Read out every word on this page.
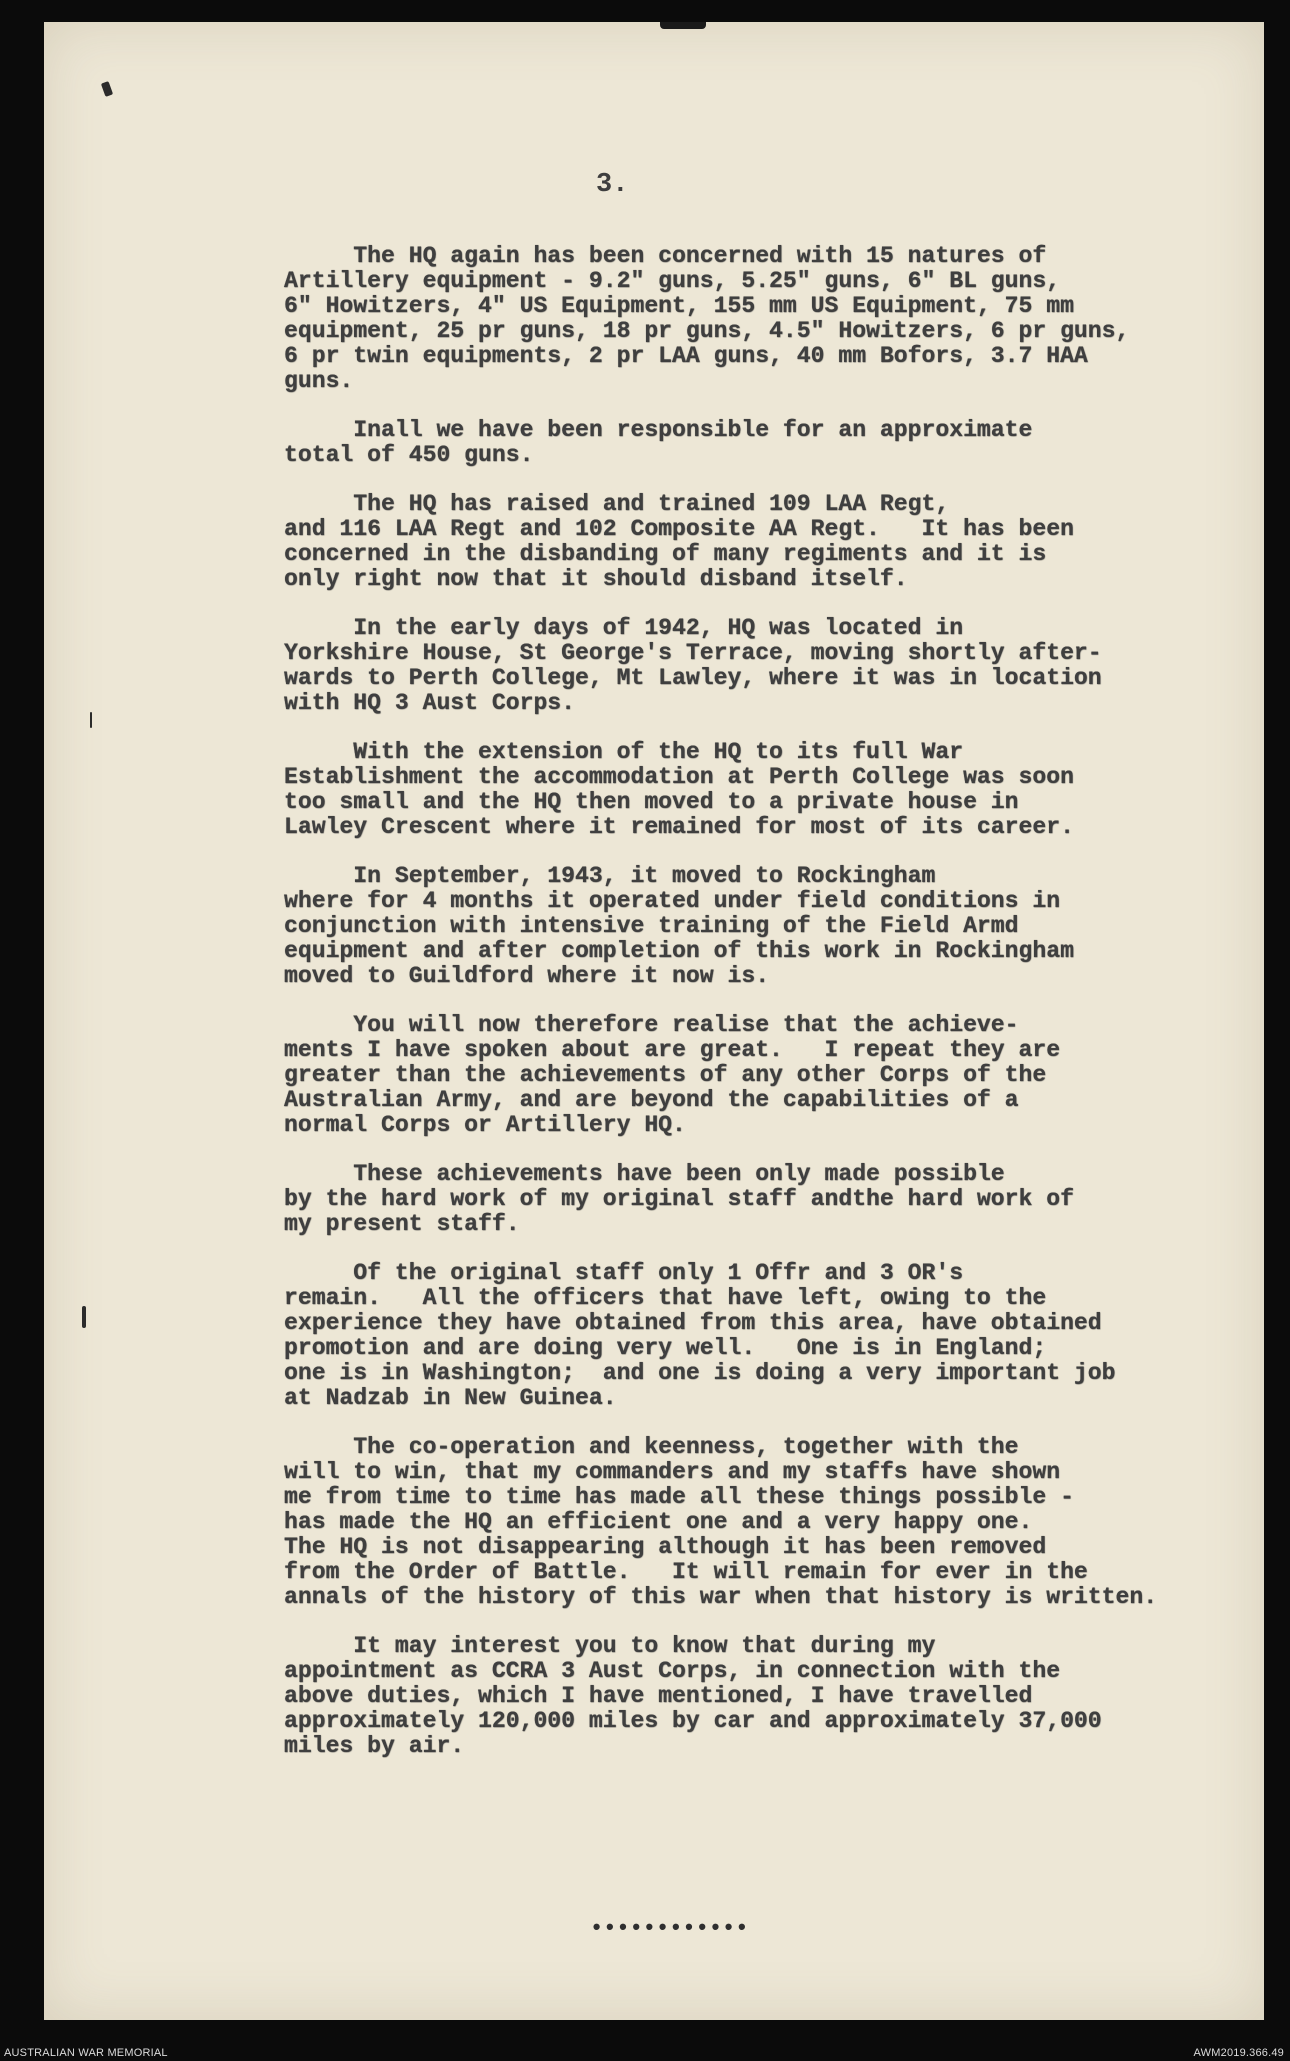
3.
The HQ again has been concerned with 15 natures of
Artillery equipment - 9.2" guns, 5.25" guns, 6" BL guns,
6" Howitzers, 4" US Equipment, 155 mm US Equipment, 75 mm
equipment, 25 pr guns, 18 pr guns, 4.5" Howitzers, 6 pr guns,
6 pr twin equipments, 2 pr LAA guns, 40 mm Bofors, 3.7 HAA
guns.
Inall we have been responsible for an approximate
total of 450 guns.
The HQ has raised and trained 109 LAA Regt,
and 116 LAA Regt and 102 Composite AA Regt.   It has been
concerned in the disbanding of many regiments and it is
only right now that it should disband itself.
In the early days of 1942, HQ was located in
Yorkshire House, St George's Terrace, moving shortly after-
wards to Perth College, Mt Lawley, where it was in location
with HQ 3 Aust Corps.
With the extension of the HQ to its full War
Establishment the accommodation at Perth College was soon
too small and the HQ then moved to a private house in
Lawley Crescent where it remained for most of its career.
In September, 1943, it moved to Rockingham
where for 4 months it operated under field conditions in
conjunction with intensive training of the Field Armd
equipment and after completion of this work in Rockingham
moved to Guildford where it now is.
You will now therefore realise that the achieve-
ments I have spoken about are great.   I repeat they are
greater than the achievements of any other Corps of the
Australian Army, and are beyond the capabilities of a
normal Corps or Artillery HQ.
These achievements have been only made possible
by the hard work of my original staff andthe hard work of
my present staff.
Of the original staff only 1 Offr and 3 OR's
remain.   All the officers that have left, owing to the
experience they have obtained from this area, have obtained
promotion and are doing very well.   One is in England;
one is in Washington;  and one is doing a very important job
at Nadzab in New Guinea.
The co-operation and keenness, together with the
will to win, that my commanders and my staffs have shown
me from time to time has made all these things possible -
has made the HQ an efficient one and a very happy one.
The HQ is not disappearing although it has been removed
from the Order of Battle.   It will remain for ever in the
annals of the history of this war when that history is written.
It may interest you to know that during my
appointment as CCRA 3 Aust Corps, in connection with the
above duties, which I have mentioned, I have travelled
approximately 120,000 miles by car and approximately 37,000
miles by air.
••••••••••••
AUSTRALIAN WAR MEMORIAL	AWM2019.366.49
